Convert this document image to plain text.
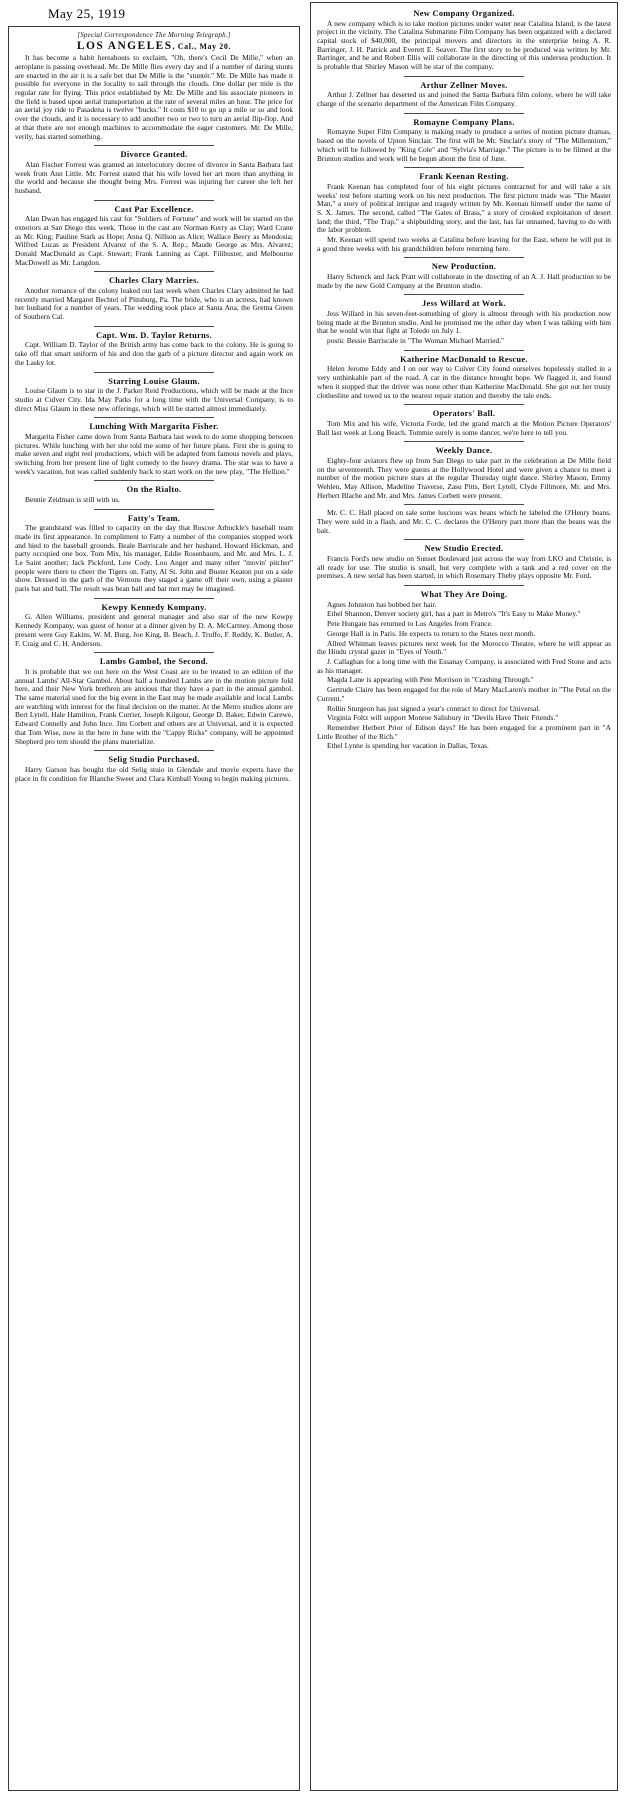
May 25, 1919
[Special Correspondence The Morning Telegraph.]
LOS ANGELES, Cal., May 20.

It has become a habit hereabouts to exclaim, "Oh, there's Cecil De Mille," when an aeroplane is passing overhead. Mr. De Mille flies every day and if a number of daring stunts are enacted in the air it is a safe bet that De Mille is the "stuntér." Mr. De Mille has made it possible for everyone in the locality to sail through the clouds. One dollar per mile is the regular rate for flying. This price established by Mr. De Mille and his associate pioneers in the field is based upon aerial transportation at the rate of several miles an hour. The price for an aerial joy ride to Pasadena is twelve "bucks." It costs $10 to go up a mile or so and look over the clouds, and it is necessary to add another two or two to turn an aerial flip-flop. And at that there are not enough machines to accommodate the eager customers. Mr. De Mille, verily, has started something.

Divorce Granted.

Alan Fischer Forrest was granted an interlocutory decree of divorce in Santa Barbara last week from Ann Little. Mr. Forrest stated that his wife loved her art more than anything in the world and because she thought being Mrs. Forrest was injuring her career she left her husband.

Cast Par Excellence.

Alan Dwan has engaged his cast for "Soldiers of Fortune" and work will be started on the exteriors at San Diego this week. Those in the cast are Norman Kerry as Clay; Ward Crane as Mr. King; Pauline Stark as Hope; Anna Q. Nillson as Alice; Wallace Beery as Mendosia; Wilfred Lucas as President Alvarez of the S. A. Rep.; Maude George as Mrs. Alvarez; Donald MacDonald as Capt. Stewart; Frank Lanning as Capt. Filibuster, and Melbourne MacDowell as Mr. Langdon.

Charles Clary Marries.

Another romance of the colony leaked out last week when Charles Clary admitted he had recently married Margaret Bechtel of Pittsburg, Pa. The bride, who is an actress, had known her husband for a number of years. The wedding took place at Santa Ana, the Gretna Green of Southern Cal.

Capt. Wm. D. Taylor Returns.

Capt. William D. Taylor of the British army has come back to the colony. He is going to take off that smart uniform of his and don the garb of a picture director and again work on the Lasky lot.

Starring Louise Glaum.

Louise Glaum is to star in the J. Parker Reid Productions, which will be made at the Ince studio at Culver City. Ida May Parks for a long time with the Universal Company, is to direct Miss Glaum in these new offerings, which will be started almost immediately.

Lunching With Margarita Fisher.

Margarita Fisher came down from Santa Barbara last week to do some shopping between pictures. While lunching with her she told me some of her future plans. First she is going to make seven and eight reel productions, which will be adapted from famous novels and plays, switching from her present line of light comedy to the heavy drama. The star was to have a week's vacation, but was called suddenly back to start work on the new play, "The Hellion."

On the Rialto.

Bennie Zeidman is still with us.

Fatty's Team.

The grandstand was filled to capacity on the day that Roscoe Arbuckle's baseball team made its first appearance. In compliment to Fatty a number of the companies stopped work and hied to the baseball grounds. Beale Barriscale and her husband, Howard Hickman, and party occupied one box. Tom Mix, his manager, Eddie Rosenbaum, and Mr. and Mrs. L. J. Le Saint another; Jack Pickford, Lew Cody, Lou Anger and many other "movin' pitcher" people were there to cheer the Tigers on. Fatty, Al St. John and Buster Keaton put on a side show. Dressed in the garb of the Vernons they staged a game off their own, using a plaster paris bat and ball. The result was bean ball and bat met may be imagined.

Kewpy Kennedy Kompany.

G. Allen Williams, president and general manager and also star of the new Kewpy Kennedy Kompany, was guest of honor at a dinner given by D. A. McCartney. Among those present were Guy Eakins, W. M. Burg, Joe King, B. Beach, J. Truffo, F. Reddy, K. Butler, A. F. Craig and C. H. Anderson.

Lambs Gambol, the Second.

It is probable that we out here on the West Coast are to be treated to an edition of the annual Lambs' All-Star Gambol. About half a hundred Lambs are in the motion picture fold here, and their New York brethren are anxious that they have a part in the annual gambol. The same material used for the big event in the East may be made available and local Lambs are watching with interest for the final decision on the matter. At the Metro studios alone are Bert Lytell, Hale Hamilton, Frank Currier, Joseph Kilgour, George D. Baker, Edwin Carewe, Edward Connelly and John Ince. Jim Corbett and others are at Universal, and it is expected that Tom Wise, now in the here in June with the "Cappy Ricks" company, will be appointed Shepherd pro tem should the plans materialize.

Selig Studio Purchased.

Harry Garson has bought the old Selig stuio in Glendale and movie experts have the place in fit condition for Blanche Sweet and Clara Kimball Young to begin making pictures.

New Company Organized.

A new company which is to take motion pictures under water near Catalina Island, is the latest project in the vicinity. The Catalina Submarine Film Company has been organized with a declared capital stock of $40,000, the principal movers and directors in the enterprise being A. R. Barringer, J. H. Patrick and Everett E. Seaver. The first story to be produced was written by Mr. Barringer, and he and Robert Ellis will collaborate in the directing of this undersea production. It is probable that Shirley Mason will be star of the company.

Arthur Zellner Moves.

Arthur J. Zellner has deserted us and joined the Santa Barbara film colony, where he will take charge of the scenario department of the American Film Company.

Romayne Company Plans.

Romayne Super Film Company is making ready to produce a series of motion picture dramas, based on the novels of Upton Sinclair. The first will be Mr. Sinclair's story of "The Millennium," which will be followed by "King Cole" and "Sylvia's Marriage." The picture is to be filmed at the Brunton studios and work will be begun about the first of June.

Frank Keenan Resting.

Frank Keenan has completed four of his eight pictures contracted for and will take a six weeks' rest before starting work on his next production. The first picture made was "The Master Man," a story of political intrigue and tragedy written by Mr. Keenan himself under the name of S. X. James. The second, called "The Gates of Brass," a story of crooked exploitation of desert land; the third, "The Trap," a shipbuilding story, and the last, has far unnamed, having to do with the labor problem.

Mr. Keenan will spend two weeks at Catalina before leaving for the East, where he will put in a good three weeks with his grandchildren before returning here.

New Production.

Harry Schenck and Jack Pratt will collaborate in the directing of an A. J. Hall production to be made by the new Gold Company at the Brunton studio.

Jess Willard at Work.

Jess Willard in his seven-feet-something of glory is almost through with his production now being made at the Brunton studio. And he promised me the other day when I was talking with him that he would win that fight at Toledo on July 1.

postic Bessie Barriscale in "The Woman Michael Married."

Katherine MacDonald to Rescue.

Helen Jerome Eddy and I on our way to Culver City found ourselves hopelessly stalled in a very unthinkable part of the road. A car in the distance brought hope. We flagged it, and found when it stopped that the driver was none other than Katherine MacDonald. She got out her trusty clothesline and towed us to the nearest repair station and thereby the tale ends.

Operators' Ball.

Tom Mix and his wife, Victoria Forde, led the grand march at the Motion Picture Operators' Ball last week at Long Beach. Tommie surely is some dancer, we're here to tell you.

Weekly Dance.

Eighty-four aviators flew up from San Diego to take part in the celebration at De Mille field on the seventeenth. They were guests at the Hollywood Hotel and were given a chance to meet a number of the motion picture stars at the regular Thursday night dance. Shirley Mason, Emmy Wehlen, May Allison, Madeline Traverse, Zasu Pitts, Bert Lytell, Clyde Fillmore, Mr. and Mrs. Herbert Blache and Mr. and Mrs. James Corbett were present.

Mr. C. C. Hall placed on sale some luscious wax beans which he labeled the O'Henry beans. They were sold in a flash, and Mr. C. C. declares the O'Henry part more than the beans was the bait.

New Studio Erected.

Francis Ford's new studio on Sunset Boulevard just across the way from LKO and Christie, is all ready for use. The studio is small, but very complete with a tank and a red cover on the premises. A new serial has been started, in which Rosemary Theby plays opposite Mr. Ford.

What They Are Doing.

Agnes Johnston has bobbed her hair.

Ethel Shannon, Denver society girl, has a part in Metro's "It's Easy to Make Money."

Pete Hungate has returned to Los Angeles from France.

George Hall is in Paris. He expects to return to the States next month.

Allred Whitman leaves pictures next week for the Morocco Theatre, where he will appear as the Hindu crystal gazer in "Eyes of Youth."

J. Callaghan for a long time with the Essanay Company, is associated with Fred Stone and acts as his manager.

Magda Lane is appearing with Pete Morrison in "Crashing Through."

Gertrude Claire has been engaged for the role of Mary MacLaren's mother in "The Petal on the Current."

Rollin Sturgeon has just signed a year's contract to direct for Universal.

Virginia Foltz will support Monroe Salisbury in "Devils Have Their Friends."

Remember Herbert Prior of Edison days? He has been engaged for a prominent part in "A Little Brother of the Rich."

Ethel Lynne is spending her vacation in Dallas, Texas.
